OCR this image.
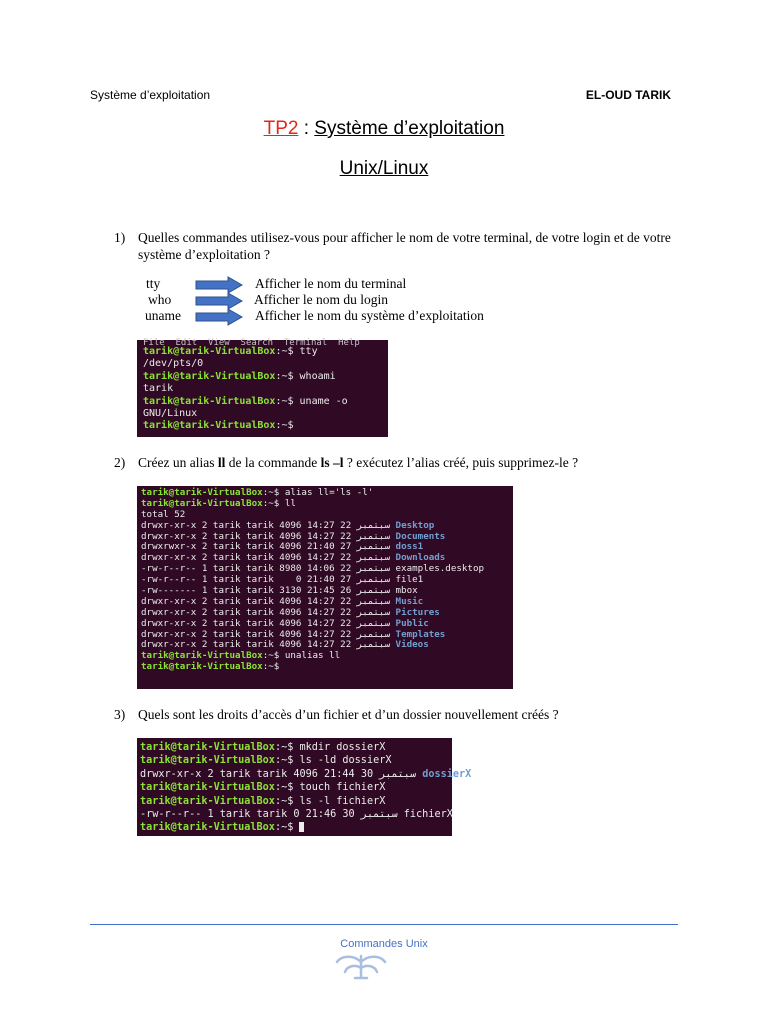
Système d’exploitation	EL-OUD TARIK
TP2 : Système d’exploitation
Unix/Linux
1) Quelles commandes utilisez-vous pour afficher le nom de votre terminal, de votre login et de votre système d’exploitation ?
tty
who
uname
Afficher le nom du terminal
Afficher le nom du login
Afficher le nom du système d’exploitation
File  Edit  View  Search  Terminal  Help
tarik@tarik-VirtualBox:~$ tty
/dev/pts/0
tarik@tarik-VirtualBox:~$ whoami
tarik
tarik@tarik-VirtualBox:~$ uname -o
GNU/Linux
tarik@tarik-VirtualBox:~$
2) Créez un alias ll de la commande ls –l ? exécutez l’alias créé, puis supprimez-le ?
tarik@tarik-VirtualBox:~$ alias ll='ls -l'
tarik@tarik-VirtualBox:~$ ll
total 52
drwxr-xr-x 2 tarik tarik 4096 سبتمبر 22 14:27 Desktop
drwxr-xr-x 2 tarik tarik 4096 سبتمبر 22 14:27 Documents
drwxrwxr-x 2 tarik tarik 4096 سبتمبر 27 21:40 doss1
drwxr-xr-x 2 tarik tarik 4096 سبتمبر 22 14:27 Downloads
-rw-r--r-- 1 tarik tarik 8980 سبتمبر 22 14:06 examples.desktop
-rw-r--r-- 1 tarik tarik    0 سبتمبر 27 21:40 file1
-rw------- 1 tarik tarik 3130 سبتمبر 26 21:45 mbox
drwxr-xr-x 2 tarik tarik 4096 سبتمبر 22 14:27 Music
drwxr-xr-x 2 tarik tarik 4096 سبتمبر 22 14:27 Pictures
drwxr-xr-x 2 tarik tarik 4096 سبتمبر 22 14:27 Public
drwxr-xr-x 2 tarik tarik 4096 سبتمبر 22 14:27 Templates
drwxr-xr-x 2 tarik tarik 4096 سبتمبر 22 14:27 Videos
tarik@tarik-VirtualBox:~$ unalias ll
tarik@tarik-VirtualBox:~$
3) Quels sont les droits d’accès d’un fichier et d’un dossier nouvellement créés ?
tarik@tarik-VirtualBox:~$ mkdir dossierX
tarik@tarik-VirtualBox:~$ ls -ld dossierX
drwxr-xr-x 2 tarik tarik 4096 سبتمبر 30 21:44 dossierX
tarik@tarik-VirtualBox:~$ touch fichierX
tarik@tarik-VirtualBox:~$ ls -l fichierX
-rw-r--r-- 1 tarik tarik 0 سبتمبر 30 21:46 fichierX
tarik@tarik-VirtualBox:~$
Commandes Unix
